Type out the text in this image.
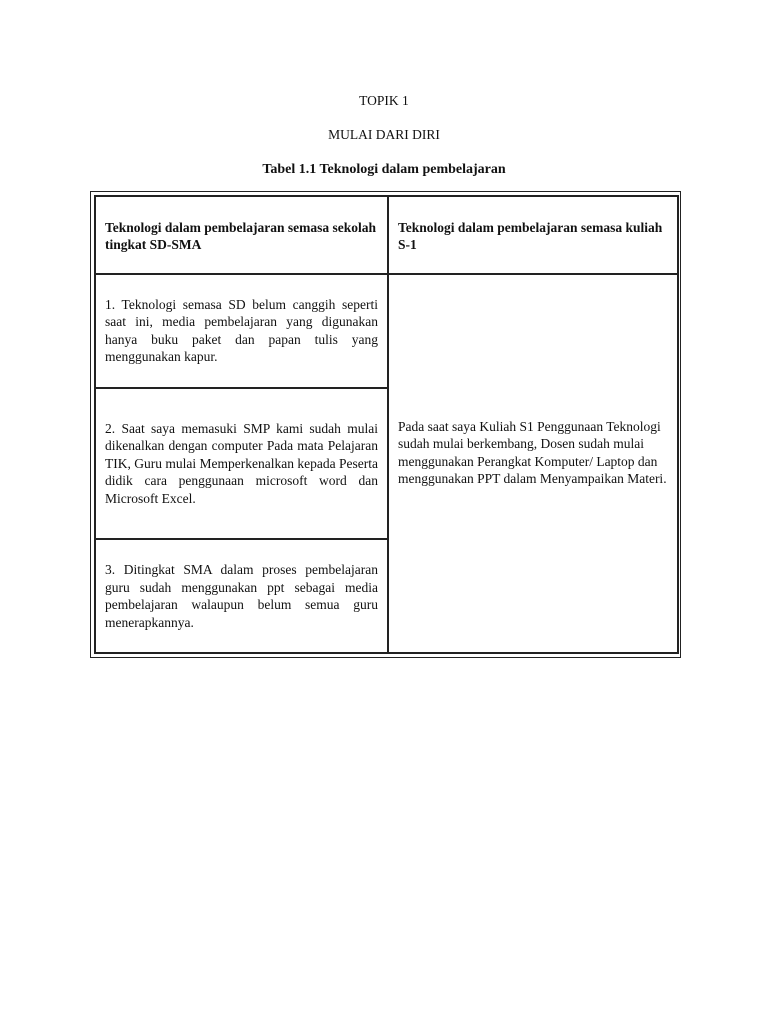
TOPIK 1
MULAI DARI DIRI
Tabel 1.1 Teknologi dalam pembelajaran
Teknologi dalam pembelajaran semasa sekolah tingkat SD-SMA	Teknologi dalam pembelajaran semasa kuliah S-1

1. Teknologi semasa SD belum canggih seperti saat ini, media pembelajaran yang digunakan hanya buku paket dan papan tulis yang menggunakan kapur.	Pada saat saya Kuliah S1 Penggunaan Teknologi sudah mulai berkembang, Dosen sudah mulai menggunakan Perangkat Komputer/ Laptop dan menggunakan PPT dalam Menyampaikan Materi.

2. Saat saya memasuki SMP kami sudah mulai dikenalkan dengan computer Pada mata Pelajaran TIK, Guru mulai Memperkenalkan kepada Peserta didik cara penggunaan microsoft word dan Microsoft Excel.	
3. Ditingkat SMA dalam proses pembelajaran guru sudah menggunakan ppt sebagai media pembelajaran walaupun belum semua guru menerapkannya.	
